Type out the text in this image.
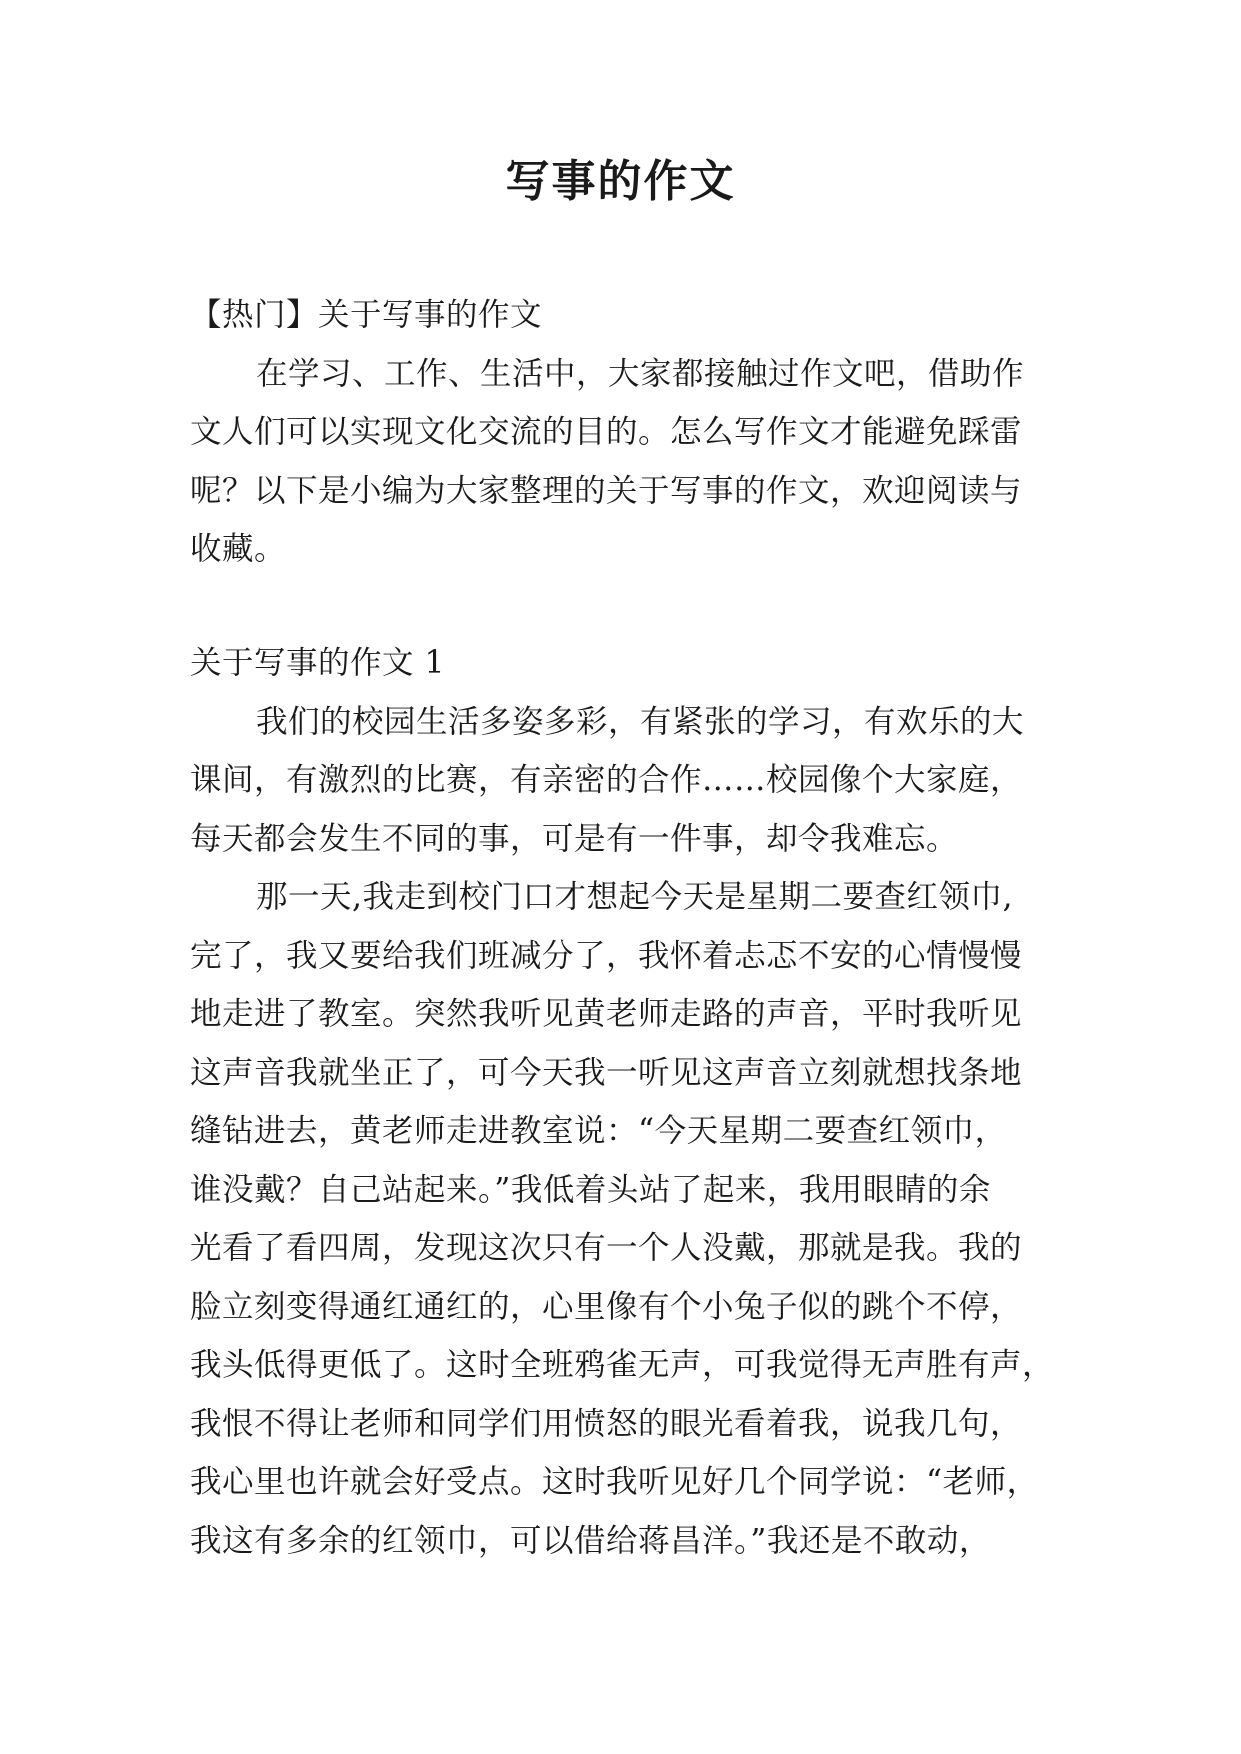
写事的作文
【热门】关于写事的作文
在学习、工作、生活中，大家都接触过作文吧，借助作
文人们可以实现文化交流的目的。怎么写作文才能避免踩雷
呢？以下是小编为大家整理的关于写事的作文，欢迎阅读与
收藏。
关于写事的作文 1
我们的校园生活多姿多彩，有紧张的学习，有欢乐的大
课间，有激烈的比赛，有亲密的合作……校园像个大家庭，
每天都会发生不同的事，可是有一件事，却令我难忘。
那一天,我走到校门口才想起今天是星期二要查红领巾,
完了，我又要给我们班减分了，我怀着忐忑不安的心情慢慢
地走进了教室。突然我听见黄老师走路的声音，平时我听见
这声音我就坐正了，可今天我一听见这声音立刻就想找条地
缝钻进去，黄老师走进教室说：“今天星期二要查红领巾，
谁没戴？自己站起来。”我低着头站了起来，我用眼睛的余
光看了看四周，发现这次只有一个人没戴，那就是我。我的
脸立刻变得通红通红的，心里像有个小兔子似的跳个不停，
我头低得更低了。这时全班鸦雀无声，可我觉得无声胜有声，
我恨不得让老师和同学们用愤怒的眼光看着我，说我几句，
我心里也许就会好受点。这时我听见好几个同学说：“老师，
我这有多余的红领巾，可以借给蒋昌洋。”我还是不敢动，
